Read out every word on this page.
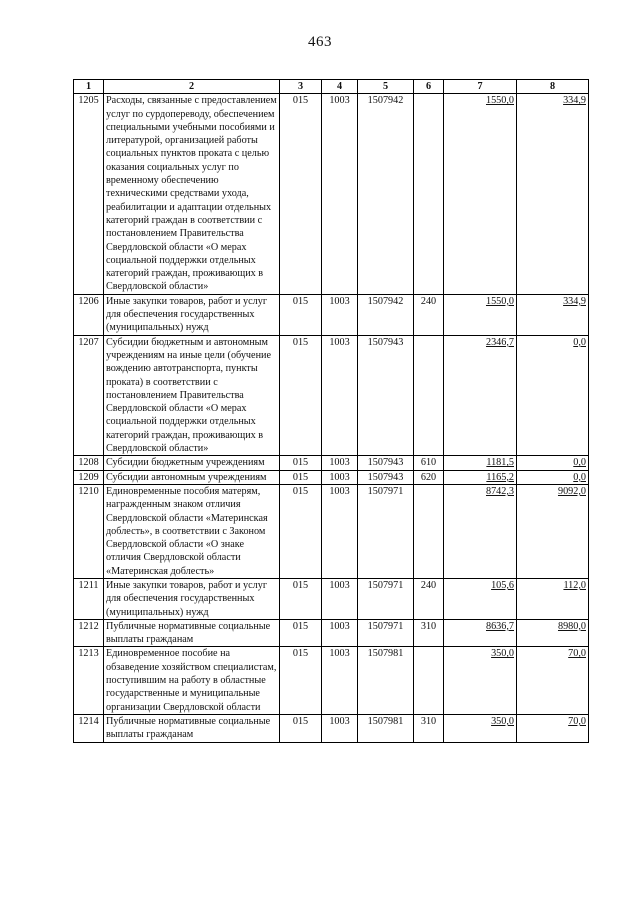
463
1	2	3	4	5	6	7	8
1205	Расходы, связанные с предоставлением услуг по сурдопереводу, обеспечением специальными учебными пособиями и литературой, организацией работы социальных пунктов проката с целью оказания социальных услуг по временному обеспечению техническими средствами ухода, реабилитации и адаптации отдельных категорий граждан в соответствии с постановлением Правительства Свердловской области «О мерах социальной поддержки отдельных категорий граждан, проживающих в Свердловской области»	015	1003	1507942		1550,0	334,9
1206	Иные закупки товаров, работ и услуг для обеспечения государственных (муниципальных) нужд	015	1003	1507942	240	1550,0	334,9
1207	Субсидии бюджетным и автономным учреждениям на иные цели (обучение вождению автотранспорта, пункты проката) в соответствии с постановлением Правительства Свердловской области «О мерах социальной поддержки отдельных категорий граждан, проживающих в Свердловской области»	015	1003	1507943		2346,7	0,0
1208	Субсидии бюджетным учреждениям	015	1003	1507943	610	1181,5	0,0
1209	Субсидии автономным учреждениям	015	1003	1507943	620	1165,2	0,0
1210	Единовременные пособия матерям, награжденным знаком отличия Свердловской области «Материнская доблесть», в соответствии с Законом Свердловской области «О знаке отличия Свердловской области «Материнская доблесть»	015	1003	1507971		8742,3	9092,0
1211	Иные закупки товаров, работ и услуг для обеспечения государственных (муниципальных) нужд	015	1003	1507971	240	105,6	112,0
1212	Публичные нормативные социальные выплаты гражданам	015	1003	1507971	310	8636,7	8980,0
1213	Единовременное пособие на обзаведение хозяйством специалистам, поступившим на работу в областные государственные и муниципальные организации Свердловской области	015	1003	1507981		350,0	70,0
1214	Публичные нормативные социальные выплаты гражданам	015	1003	1507981	310	350,0	70,0
